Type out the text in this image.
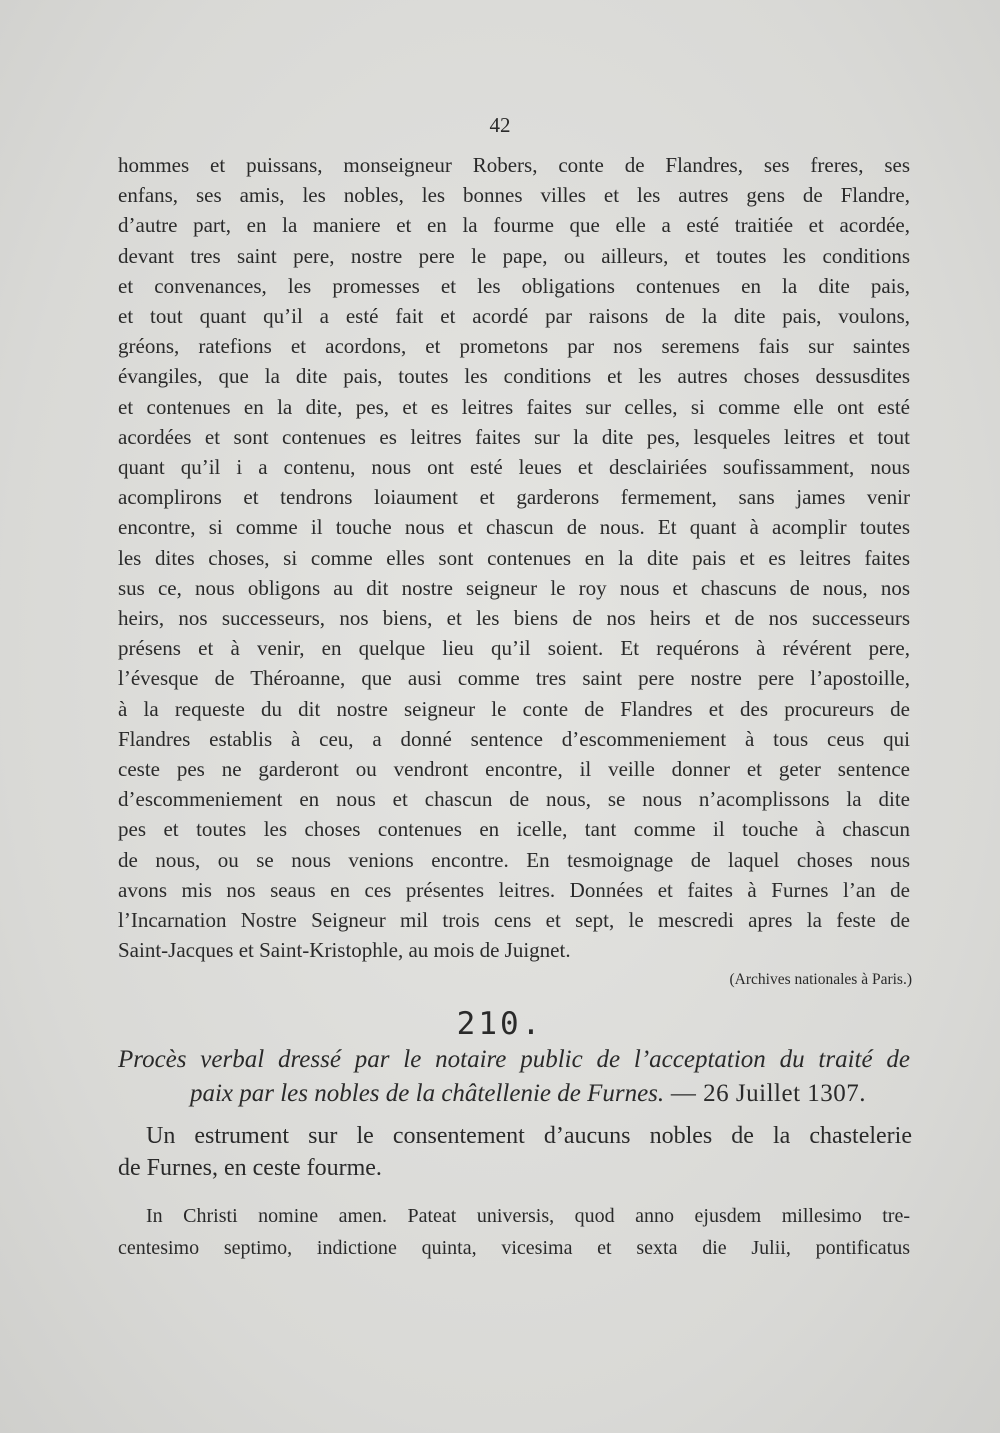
42
hommes et puissans, monseigneur Robers, conte de Flandres, ses freres, ses
enfans, ses amis, les nobles, les bonnes villes et les autres gens de Flandre,
d’autre part, en la maniere et en la fourme que elle a esté traitiée et acordée,
devant tres saint pere, nostre pere le pape, ou ailleurs, et toutes les conditions
et convenances, les promesses et les obligations contenues en la dite pais,
et tout quant qu’il a esté fait et acordé par raisons de la dite pais, voulons,
gréons, ratefions et acordons, et prometons par nos seremens fais sur saintes
évangiles, que la dite pais, toutes les conditions et les autres choses dessusdites
et contenues en la dite, pes, et es leitres faites sur celles, si comme elle ont esté
acordées et sont contenues es leitres faites sur la dite pes, lesqueles leitres et tout
quant qu’il i a contenu, nous ont esté leues et desclairiées soufissamment, nous
acomplirons et tendrons loiaument et garderons fermement, sans james venir
encontre, si comme il touche nous et chascun de nous. Et quant à acomplir toutes
les dites choses, si comme elles sont contenues en la dite pais et es leitres faites
sus ce, nous obligons au dit nostre seigneur le roy nous et chascuns de nous, nos
heirs, nos successeurs, nos biens, et les biens de nos heirs et de nos successeurs
présens et à venir, en quelque lieu qu’il soient. Et requérons à révérent pere,
l’évesque de Théroanne, que ausi comme tres saint pere nostre pere l’apostoille,
à la requeste du dit nostre seigneur le conte de Flandres et des procureurs de
Flandres establis à ceu, a donné sentence d’escommeniement à tous ceus qui
ceste pes ne garderont ou vendront encontre, il veille donner et geter sentence
d’escommeniement en nous et chascun de nous, se nous n’acomplissons la dite
pes et toutes les choses contenues en icelle, tant comme il touche à chascun
de nous, ou se nous venions encontre. En tesmoignage de laquel choses nous
avons mis nos seaus en ces présentes leitres. Données et faites à Furnes l’an de
l’Incarnation Nostre Seigneur mil trois cens et sept, le mescredi apres la feste de
Saint-Jacques et Saint-Kristophle, au mois de Juignet.
(Archives nationales à Paris.)
210.
Procès verbal dressé par le notaire public de l’acceptation du traité de
paix par les nobles de la châtellenie de Furnes. — 26 Juillet 1307.
Un estrument sur le consentement d’aucuns nobles de la chastelerie
de Furnes, en ceste fourme.
In Christi nomine amen. Pateat universis, quod anno ejusdem millesimo tre-
centesimo septimo, indictione quinta, vicesima et sexta die Julii, pontificatus
